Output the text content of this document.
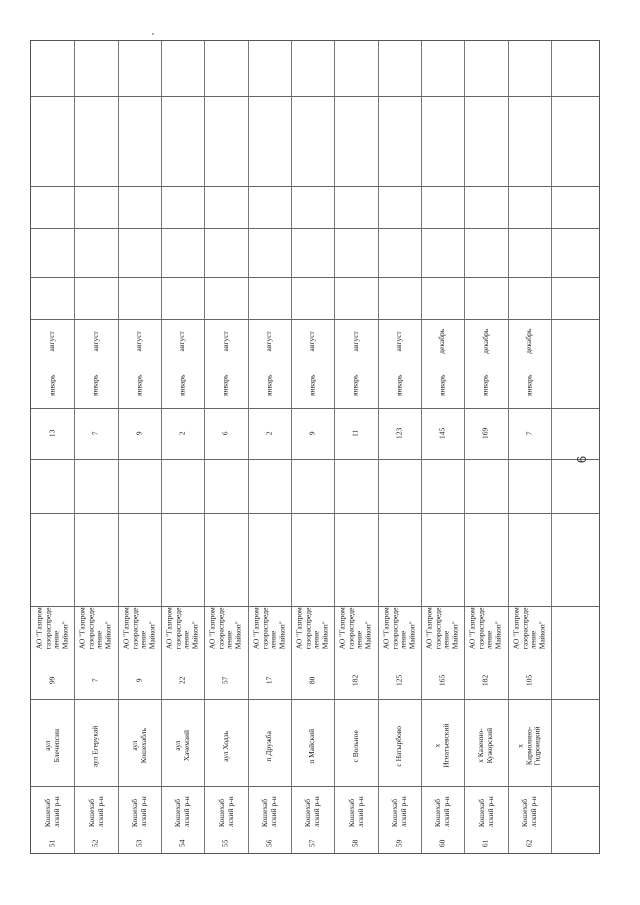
51
Кошехаб
лский р-н
аул Блечепсин
99
АО "Газпром
газораспреде
ление
Майкоп"
13
январь
август
52
Кошехаб
лский р-н
аул Егерукай
7
АО "Газпром
газораспреде
ление
Майкоп"
7
январь
август
53
Кошехаб
лский р-н
аул Кошехабль
9
АО "Газпром
газораспреде
ление
Майкоп"
9
январь
август
54
Кошехаб
лский р-н
аул Хачемзий
22
АО "Газпром
газораспреде
ление
Майкоп"
2
январь
август
55
Кошехаб
лский р-н
аул Ходзь
57
АО "Газпром
газораспреде
ление
Майкоп"
6
январь
август
56
Кошехаб
лский р-н
п Дружба
17
АО "Газпром
газораспреде
ление
Майкоп"
2
январь
август
57
Кошехаб
лский р-н
п Майский
80
АО "Газпром
газораспреде
ление
Майкоп"
9
январь
август
58
Кошехаб
лский р-н
с Вольное
182
АО "Газпром
газораспреде
ление
Майкоп"
11
январь
август
59
Кошехаб
лский р-н
с Натырбово
125
АО "Газпром
газораспреде
ление
Майкоп"
123
январь
август
60
Кошехаб
лский р-н
х
Игнатьевский
165
АО "Газпром
газораспреде
ление
Майкоп"
145
январь
декабрь
61
Кошехаб
лский р-н
х Казенно-
Кужорский
182
АО "Газпром
газораспреде
ление
Майкоп"
169
январь
декабрь
62
Кошехаб
лский р-н
х Кармолино-
Гидроицкий
105
АО "Газпром
газораспреде
ление
Майкоп"
7
январь
декабрь
6
